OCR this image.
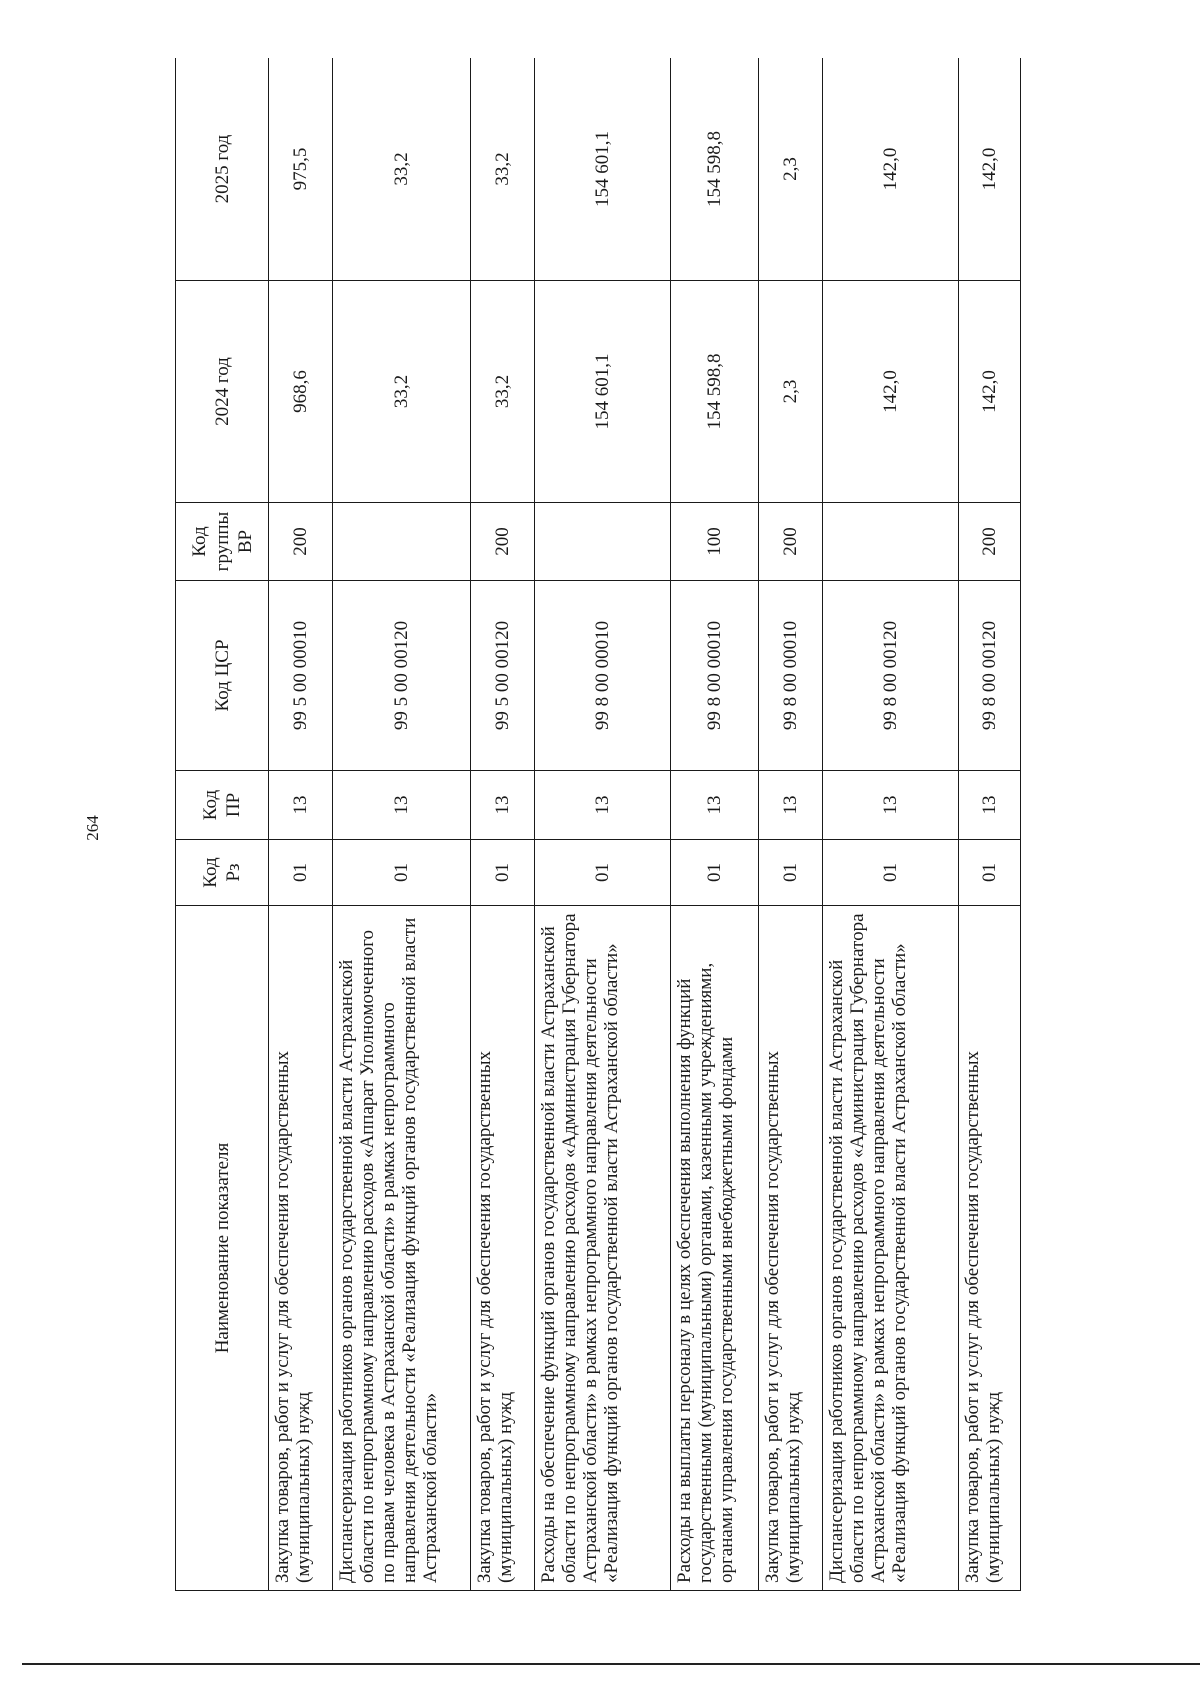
264
Наименование показателя	Код Рз	Код ПР	Код ЦСР	Код группы ВР	2024 год	2025 год
Закупка товаров, работ и услуг для обеспечения государственных (муниципальных) нужд	01	13	99 5 00 00010	200	968,6	975,5
Диспансеризация работников органов государственной власти Астраханской области по непрограммному направлению расходов «Аппарат Уполномоченного по правам человека в Астраханской области» в рамках непрограммного направления деятельности «Реализация функций органов государственной власти Астраханской области»	01	13	99 5 00 00120		33,2	33,2
Закупка товаров, работ и услуг для обеспечения государственных (муниципальных) нужд	01	13	99 5 00 00120	200	33,2	33,2
Расходы на обеспечение функций органов государственной власти Астраханской области по непрограммному направлению расходов «Администрация Губернатора Астраханской области» в рамках непрограммного направления деятельности «Реализация функций органов государственной власти Астраханской области»	01	13	99 8 00 00010		154 601,1	154 601,1
Расходы на выплаты персоналу в целях обеспечения выполнения функций государственными (муниципальными) органами, казенными учреждениями, органами управления государственными внебюджетными фондами	01	13	99 8 00 00010	100	154 598,8	154 598,8
Закупка товаров, работ и услуг для обеспечения государственных (муниципальных) нужд	01	13	99 8 00 00010	200	2,3	2,3
Диспансеризация работников органов государственной власти Астраханской области по непрограммному направлению расходов «Администрация Губернатора Астраханской области» в рамках непрограммного направления деятельности «Реализация функций органов государственной власти Астраханской области»	01	13	99 8 00 00120		142,0	142,0
Закупка товаров, работ и услуг для обеспечения государственных (муниципальных) нужд	01	13	99 8 00 00120	200	142,0	142,0
